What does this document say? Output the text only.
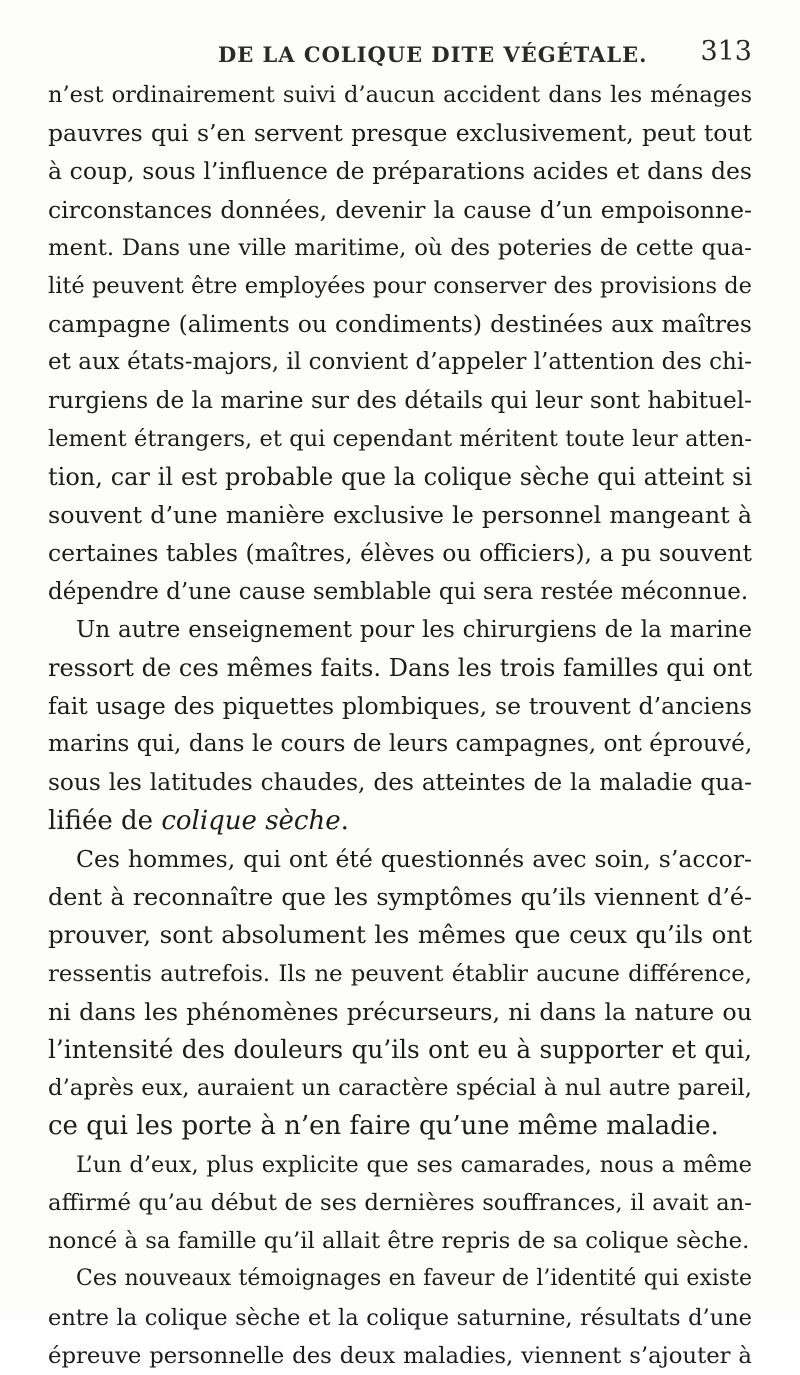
DE LA COLIQUE DITE VÉGÉTALE. 313
n’est ordinairement suivi d’aucun accident dans les ménages
pauvres qui s’en servent presque exclusivement, peut tout
à coup, sous l’influence de préparations acides et dans des
circonstances données, devenir la cause d’un empoisonne-
ment. Dans une ville maritime, où des poteries de cette qua-
lité peuvent être employées pour conserver des provisions de
campagne (aliments ou condiments) destinées aux maîtres
et aux états-majors, il convient d’appeler l’attention des chi-
rurgiens de la marine sur des détails qui leur sont habituel-
lement étrangers, et qui cependant méritent toute leur atten-
tion, car il est probable que la colique sèche qui atteint si
souvent d’une manière exclusive le personnel mangeant à
certaines tables (maîtres, élèves ou officiers), a pu souvent
dépendre d’une cause semblable qui sera restée méconnue.
Un autre enseignement pour les chirurgiens de la marine
ressort de ces mêmes faits. Dans les trois familles qui ont
fait usage des piquettes plombiques, se trouvent d’anciens
marins qui, dans le cours de leurs campagnes, ont éprouvé,
sous les latitudes chaudes, des atteintes de la maladie qua-
lifiée de colique sèche.
Ces hommes, qui ont été questionnés avec soin, s’accor-
dent à reconnaître que les symptômes qu’ils viennent d’é-
prouver, sont absolument les mêmes que ceux qu’ils ont
ressentis autrefois. Ils ne peuvent établir aucune différence,
ni dans les phénomènes précurseurs, ni dans la nature ou
l’intensité des douleurs qu’ils ont eu à supporter et qui,
d’après eux, auraient un caractère spécial à nul autre pareil,
ce qui les porte à n’en faire qu’une même maladie.
L’un d’eux, plus explicite que ses camarades, nous a même
affirmé qu’au début de ses dernières souffrances, il avait an-
noncé à sa famille qu’il allait être repris de sa colique sèche.
Ces nouveaux témoignages en faveur de l’identité qui existe
entre la colique sèche et la colique saturnine, résultats d’une
épreuve personnelle des deux maladies, viennent s’ajouter à
